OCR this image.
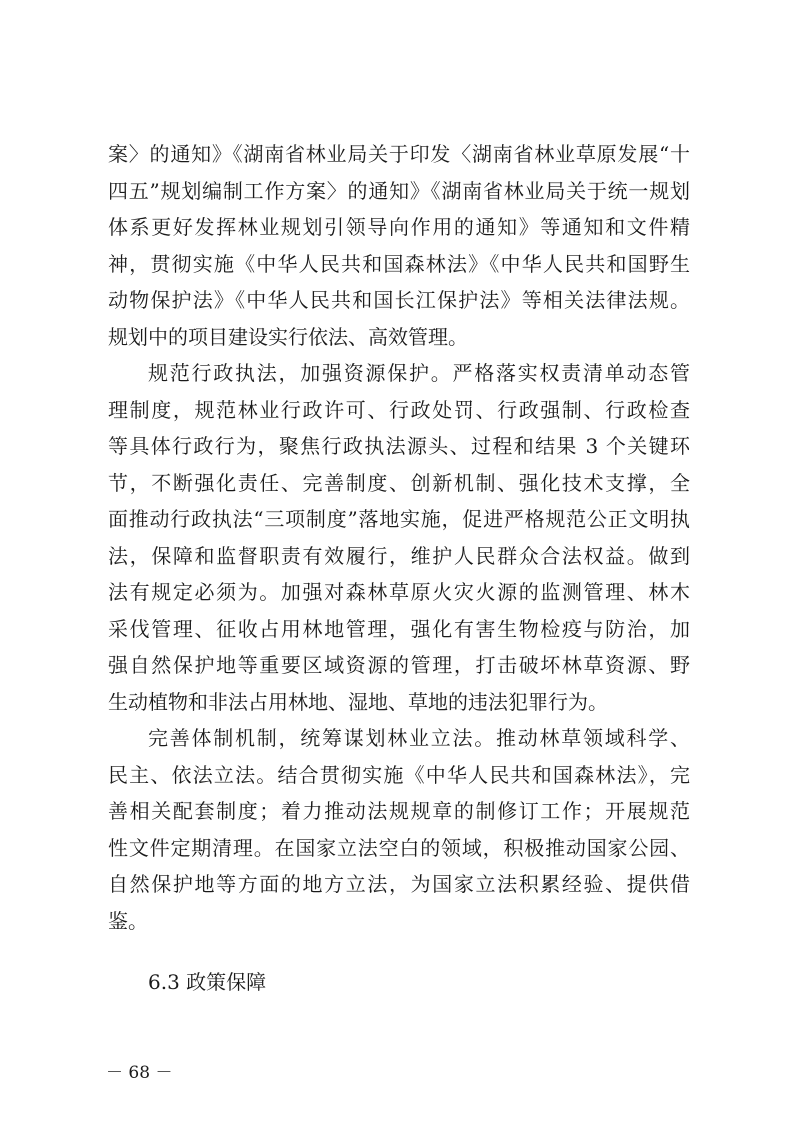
案〉的通知》《湖南省林业局关于印发〈湖南省林业草原发展“十
四五”规划编制工作方案〉的通知》《湖南省林业局关于统一规划
体系更好发挥林业规划引领导向作用的通知》等通知和文件精
神，贯彻实施《中华人民共和国森林法》《中华人民共和国野生
动物保护法》《中华人民共和国长江保护法》等相关法律法规。
规划中的项目建设实行依法、高效管理。
规范行政执法，加强资源保护。严格落实权责清单动态管
理制度，规范林业行政许可、行政处罚、行政强制、行政检查
等具体行政行为，聚焦行政执法源头、过程和结果 3 个关键环
节，不断强化责任、完善制度、创新机制、强化技术支撑，全
面推动行政执法“三项制度”落地实施，促进严格规范公正文明执
法，保障和监督职责有效履行，维护人民群众合法权益。做到
法有规定必须为。加强对森林草原火灾火源的监测管理、林木
采伐管理、征收占用林地管理，强化有害生物检疫与防治，加
强自然保护地等重要区域资源的管理，打击破坏林草资源、野
生动植物和非法占用林地、湿地、草地的违法犯罪行为。
完善体制机制，统筹谋划林业立法。推动林草领域科学、
民主、依法立法。结合贯彻实施《中华人民共和国森林法》，完
善相关配套制度；着力推动法规规章的制修订工作；开展规范
性文件定期清理。在国家立法空白的领域，积极推动国家公园、
自然保护地等方面的地方立法，为国家立法积累经验、提供借
鉴。
6.3 政策保障
－ 68 －
